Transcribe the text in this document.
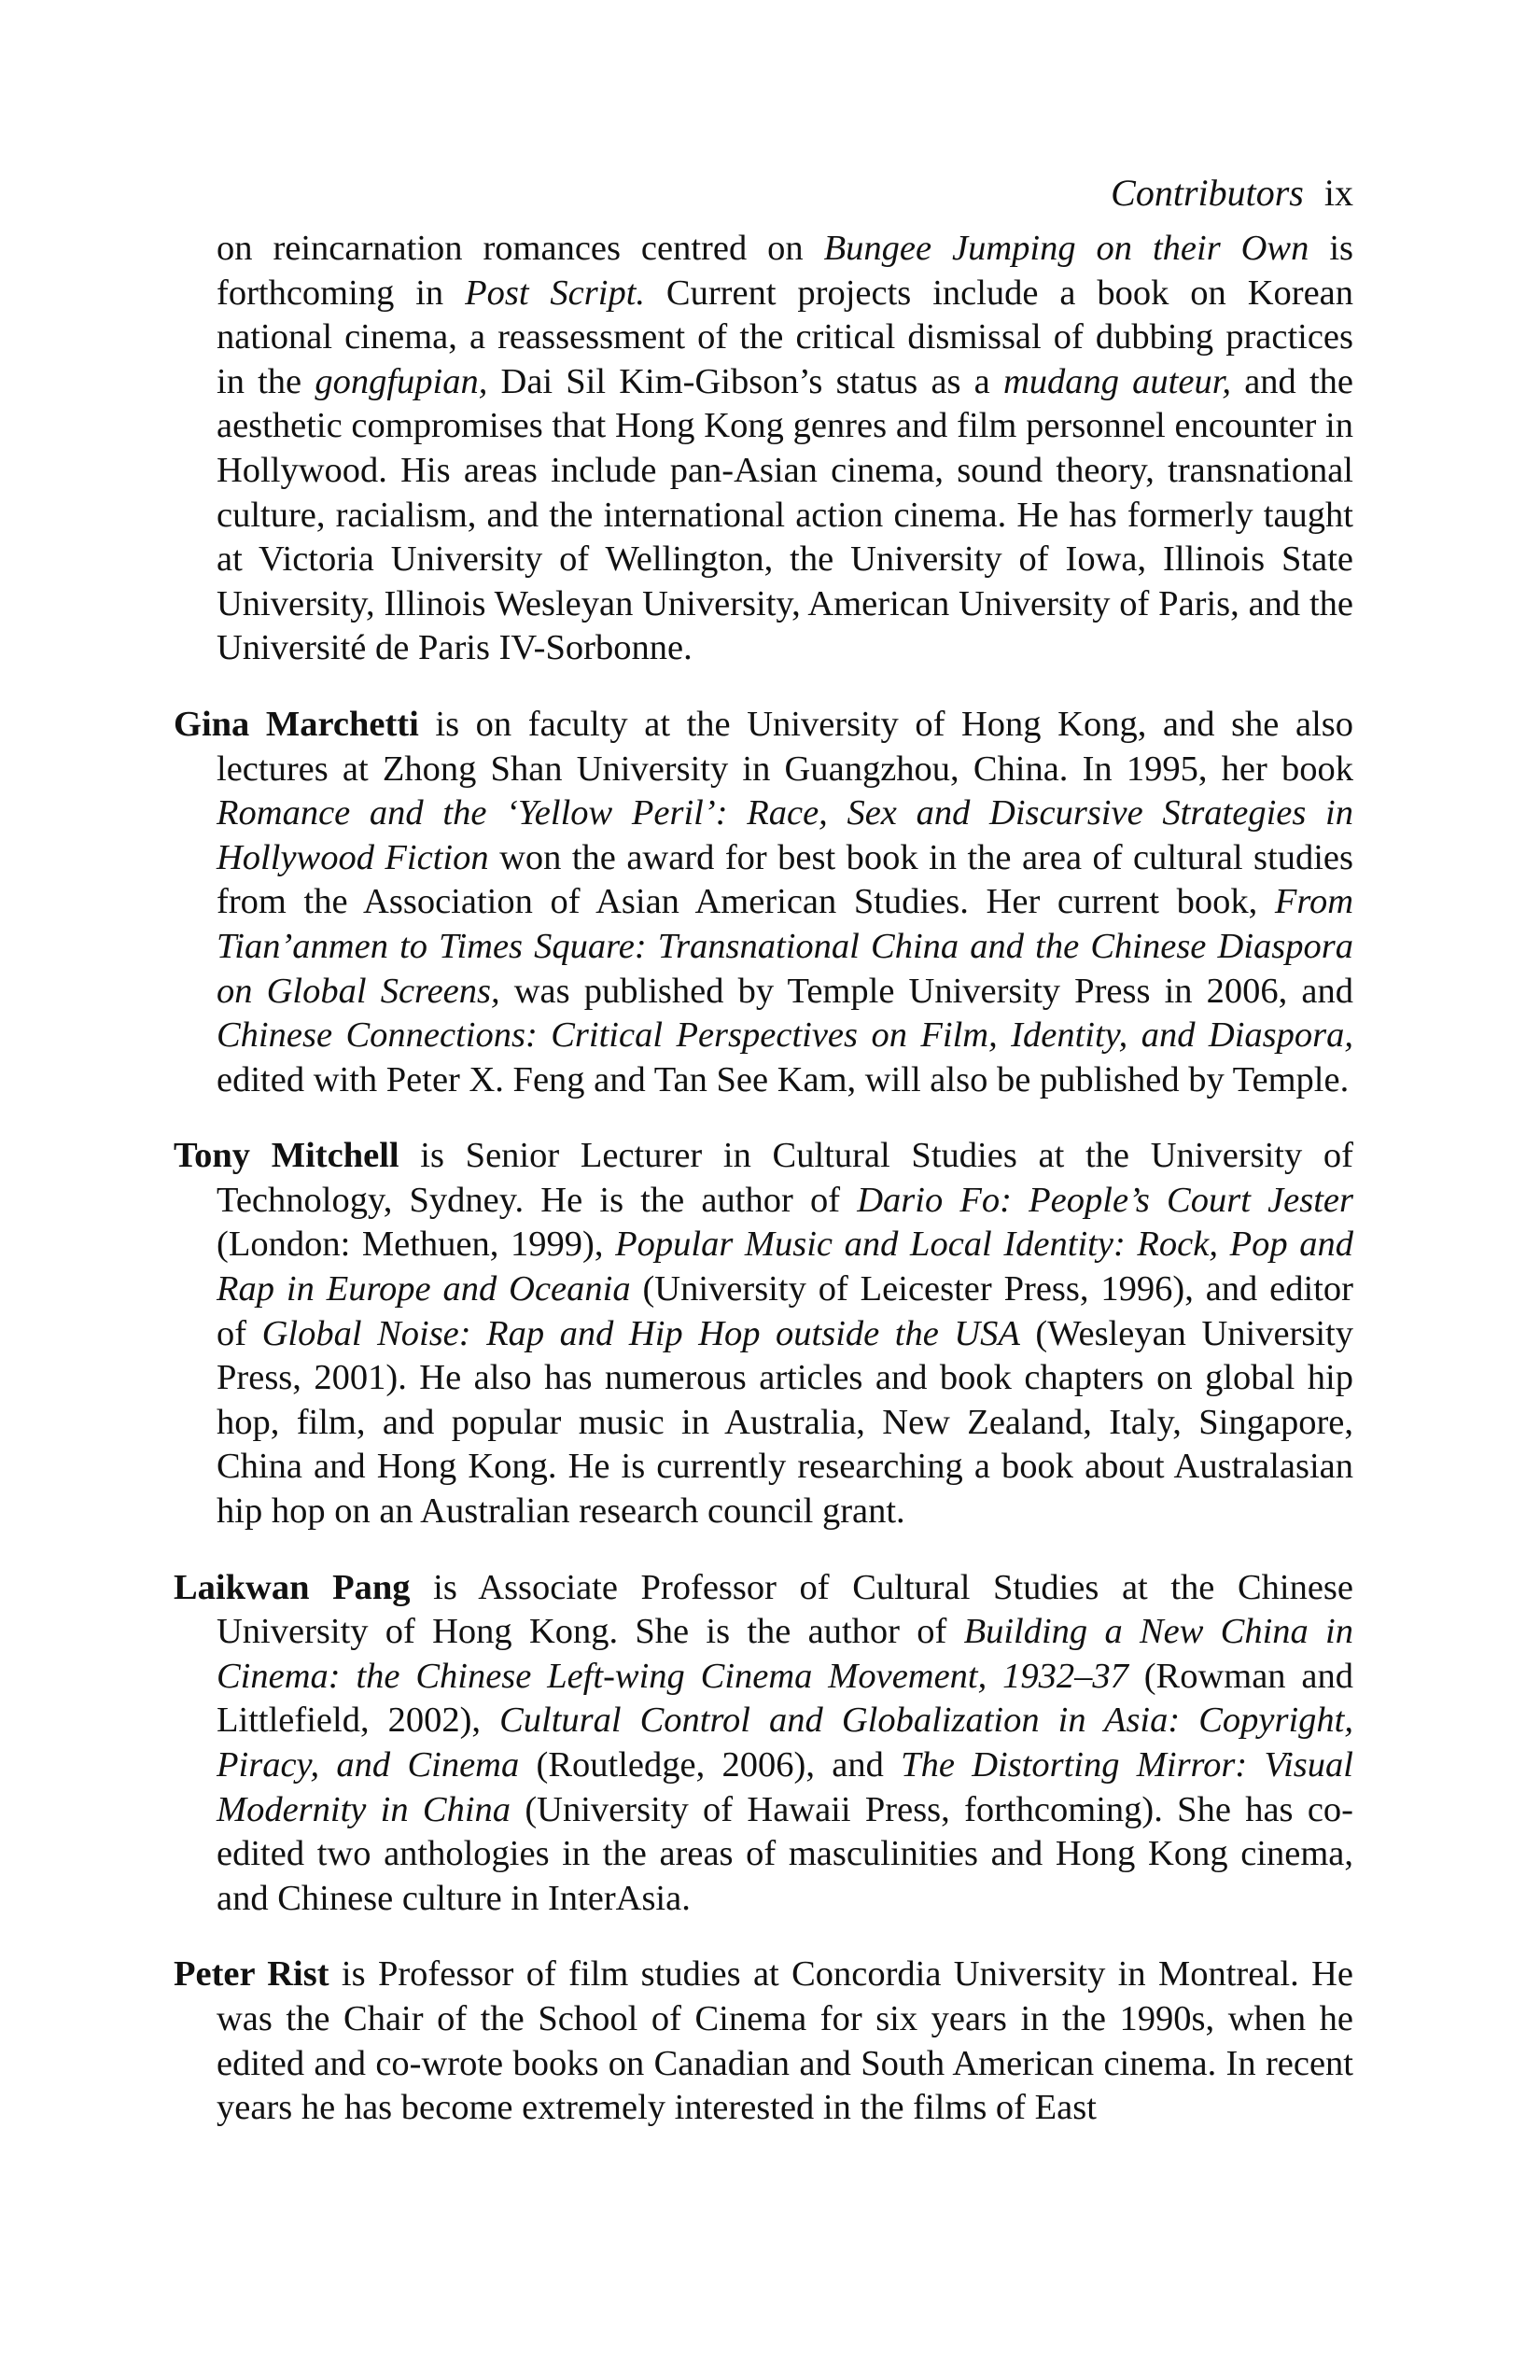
Contributors ix

on reincarnation romances centred on Bungee Jumping on their Own is forthcoming in Post Script. Current projects include a book on Korean national cinema, a reassessment of the critical dismissal of dubbing practices in the gongfupian, Dai Sil Kim-Gibson’s status as a mudang auteur, and the aesthetic compromises that Hong Kong genres and film personnel encounter in Hollywood. His areas include pan-Asian cinema, sound theory, transnational culture, racialism, and the international action cinema. He has formerly taught at Victoria University of Wellington, the University of Iowa, Illinois State University, Illinois Wesleyan University, American University of Paris, and the Université de Paris IV-Sorbonne.

Gina Marchetti is on faculty at the University of Hong Kong, and she also lectures at Zhong Shan University in Guangzhou, China. In 1995, her book Romance and the ‘Yellow Peril’: Race, Sex and Discursive Strategies in Hollywood Fiction won the award for best book in the area of cultural studies from the Association of Asian American Studies. Her current book, From Tian’anmen to Times Square: Transnational China and the Chinese Diaspora on Global Screens, was published by Temple University Press in 2006, and Chinese Connections: Critical Perspectives on Film, Identity, and Diaspora, edited with Peter X. Feng and Tan See Kam, will also be published by Temple.

Tony Mitchell is Senior Lecturer in Cultural Studies at the University of Technology, Sydney. He is the author of Dario Fo: People’s Court Jester (London: Methuen, 1999), Popular Music and Local Identity: Rock, Pop and Rap in Europe and Oceania (University of Leicester Press, 1996), and editor of Global Noise: Rap and Hip Hop outside the USA (Wesleyan University Press, 2001). He also has numerous articles and book chapters on global hip hop, film, and popular music in Australia, New Zealand, Italy, Singapore, China and Hong Kong. He is currently researching a book about Australasian hip hop on an Australian research council grant.

Laikwan Pang is Associate Professor of Cultural Studies at the Chinese University of Hong Kong. She is the author of Building a New China in Cinema: the Chinese Left-wing Cinema Movement, 1932–37 (Rowman and Littlefield, 2002), Cultural Control and Globalization in Asia: Copyright, Piracy, and Cinema (Routledge, 2006), and The Distorting Mirror: Visual Modernity in China (University of Hawaii Press, forthcoming). She has co-edited two anthologies in the areas of masculinities and Hong Kong cinema, and Chinese culture in InterAsia.

Peter Rist is Professor of film studies at Concordia University in Montreal. He was the Chair of the School of Cinema for six years in the 1990s, when he edited and co-wrote books on Canadian and South American cinema. In recent years he has become extremely interested in the films of East
